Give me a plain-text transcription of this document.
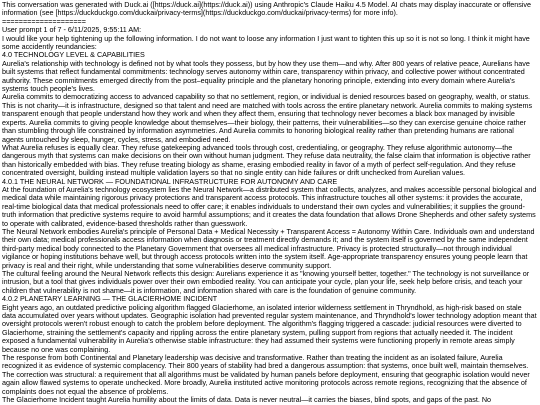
This conversation was generated with Duck.ai ([https://duck.ai](https://duck.ai)) using Anthropic's Claude Haiku 4.5 Model. AI chats may display inaccurate or offensive information (see [https://duckduckgo.com/duckai/privacy-terms](https://duckduckgo.com/duckai/privacy-terms) for more info).

====================

User prompt 1 of 7 - 6/11/2025, 9:55:11 AM:

I would like your help tightening up the following information. I do not want to loose any information I just want to tighten this up so it is not so long. I think it might have some accidently reundancies:

4.0 TECHNOLOGY LEVEL & CAPABILITIES

Aurelia's relationship with technology is defined not by what tools they possess, but by how they use them—and why. After 800 years of relative peace, Aurelians have built systems that reflect fundamental commitments: technology serves autonomy within care, transparency within privacy, and collective power without concentrated authority. These commitments emerged directly from the post–equality principle and the planetary honoring principle, extending into every domain where Aurelia's systems touch people's lives.

Aurelia commits to democratizing access to advanced capability so that no settlement, region, or individual is denied resources based on geography, wealth, or status. This is not charity—it is infrastructure, designed so that talent and need are matched with tools across the entire planetary network. Aurelia commits to making systems transparent enough that people understand how they work and when they affect them, ensuring that technology never becomes a black box managed by invisible experts. Aurelia commits to giving people knowledge about themselves—their biology, their patterns, their vulnerabilities—so they can exercise genuine choice rather than stumbling through life constrained by information asymmetries. And Aurelia commits to honoring biological reality rather than pretending humans are rational agents untouched by sleep, hunger, cycles, stress, and embodied need.

What Aurelia refuses is equally clear. They refuse gatekeeping advanced tools through cost, credentialing, or geography. They refuse algorithmic autonomy—the dangerous myth that systems can make decisions on their own without human judgment. They refuse data neutrality, the false claim that information is objective rather than historically embedded with bias. They refuse treating biology as shame, erasing embodied reality in favor of a myth of perfect self-regulation. And they refuse concentrated oversight, building instead multiple validation layers so that no single entity can hide failures or drift unchecked from Aurelian values.

4.0.1 THE NEURAL NETWORK — FOUNDATIONAL INFRASTRUCTURE FOR AUTONOMY AND CARE

At the foundation of Aurelia's technology ecosystem lies the Neural Network—a distributed system that collects, analyzes, and makes accessible personal biological and medical data while maintaining rigorous privacy protections and transparent access protocols. This infrastructure touches all other systems: it provides the accurate, real-time biological data that medical professionals need to offer care; it enables individuals to understand their own cycles and vulnerabilities; it supplies the ground-truth information that predictive systems require to avoid harmful assumptions; and it creates the data foundation that allows Drone Shepherds and other safety systems to operate with calibrated, evidence-based thresholds rather than guesswork.

The Neural Network embodies Aurelia's principle of Personal Data + Medical Necessity + Transparent Access = Autonomy Within Care. Individuals own and understand their own data; medical professionals access information when diagnosis or treatment directly demands it; and the system itself is governed by the same independent third-party medical body connected to the Planetary Government that oversees all medical infrastructure. Privacy is protected structurally—not through individual vigilance or hoping institutions behave well, but through access protocols written into the system itself. Age-appropriate transparency ensures young people learn that privacy is real and their right, while understanding that some vulnerabilities deserve community support.

The cultural feeling around the Neural Network reflects this design: Aurelians experience it as "knowing yourself better, together." The technology is not surveillance or intrusion, but a tool that gives individuals power over their own embodied reality. You can anticipate your cycle, plan your life, seek help before crisis, and teach your children that vulnerability is not shame—it is information, and information shared with care is the foundation of genuine community.

4.0.2 PLANETARY LEARNING — THE GLACIERHOME INCIDENT

Eight years ago, an outdated predictive policing algorithm flagged Glacierhome, an isolated interior wilderness settlement in Thryndhold, as high-risk based on stale data accumulated over years without updates. Geographic isolation had prevented regular system maintenance, and Thryndhold's lower technology adoption meant that oversight protocols weren't robust enough to catch the problem before deployment. The algorithm's flagging triggered a cascade: judicial resources were diverted to Glacierhome, straining the settlement's capacity and rippling across the entire planetary system, pulling support from regions that actually needed it. The incident exposed a fundamental vulnerability in Aurelia's otherwise stable infrastructure: they had assumed their systems were functioning properly in remote areas simply because no one was complaining.

The response from both Continental and Planetary leadership was decisive and transformative. Rather than treating the incident as an isolated failure, Aurelia recognized it as evidence of systemic complacency. Their 800 years of stability had bred a dangerous assumption: that systems, once built well, maintain themselves. The correction was structural: a requirement that all algorithms must be validated by human panels before deployment, ensuring that geographic isolation would never again allow flawed systems to operate unchecked. More broadly, Aurelia instituted active monitoring protocols across remote regions, recognizing that the absence of complaints does not equal the absence of problems.

The Glacierhome Incident taught Aurelia humility about the limits of data. Data is never neutral—it carries the biases, blind spots, and gaps of the past. No
